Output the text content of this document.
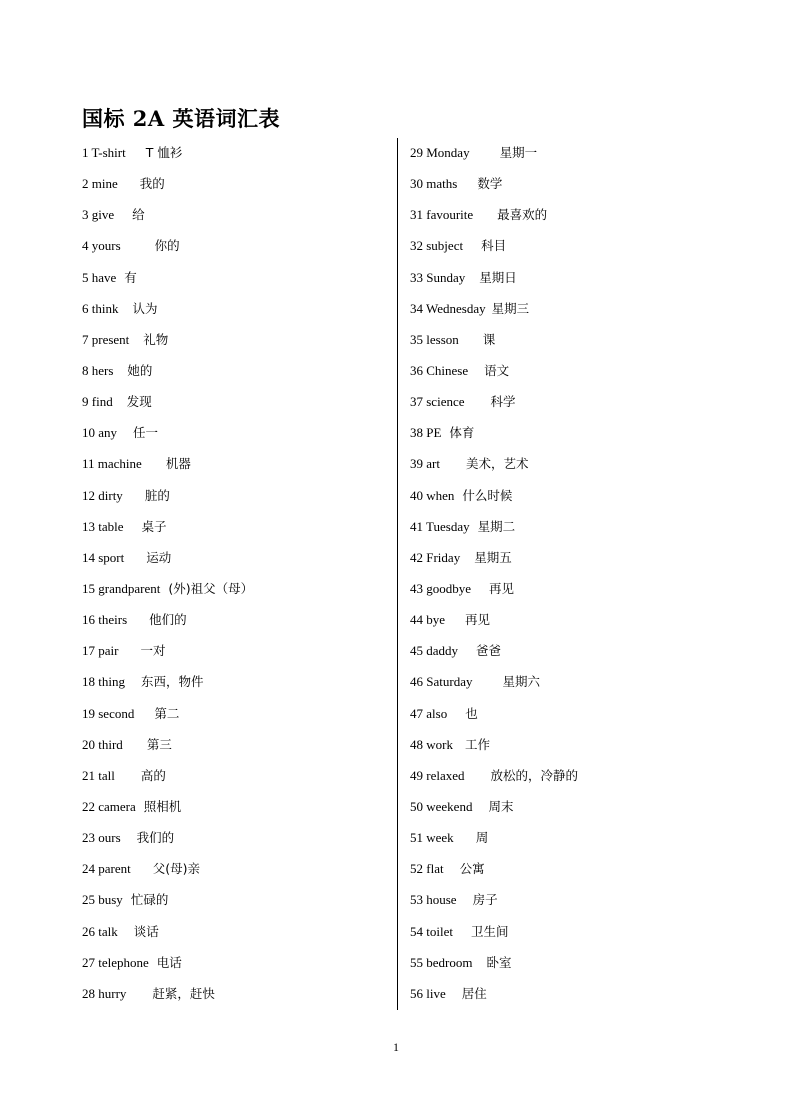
国标 2A 英语词汇表
1 T-shirt T 恤衫
2 mine 我的
3 give 给
4 yours	你的
5 have 有
6 think 认为
7 present 礼物
8 hers 她的
9 find 发现
10 any 任一
11 machine 机器
12 dirty 脏的
13 table 桌子
14 sport 运动
15 grandparent (外)祖父（母）
16 theirs 他们的
17 pair 一对
18 thing 东西，物件
19 second 第二
20 third 第三
21 tall 高的
22 camera 照相机
23 ours 我们的
24 parent 父(母)亲
25 busy 忙碌的
26 talk 谈话
27 telephone 电话
28 hurry 赶紧，赶快
29 Monday 星期一
30 maths 数学
31 favourite 最喜欢的
32 subject 科目
33 Sunday 星期日
34 Wednesday 星期三
35 lesson 课
36 Chinese 语文
37 science 科学
38 PE 体育
39 art 美术，艺术
40 when 什么时候
41 Tuesday 星期二
42 Friday 星期五
43 goodbye 再见
44 bye 再见
45 daddy 爸爸
46 Saturday 星期六
47 also 也
48 work 工作
49 relaxed 放松的，冷静的
50 weekend 周末
51 week 周
52 flat 公寓
53 house 房子
54 toilet 卫生间
55 bedroom 卧室
56 live 居住
1
